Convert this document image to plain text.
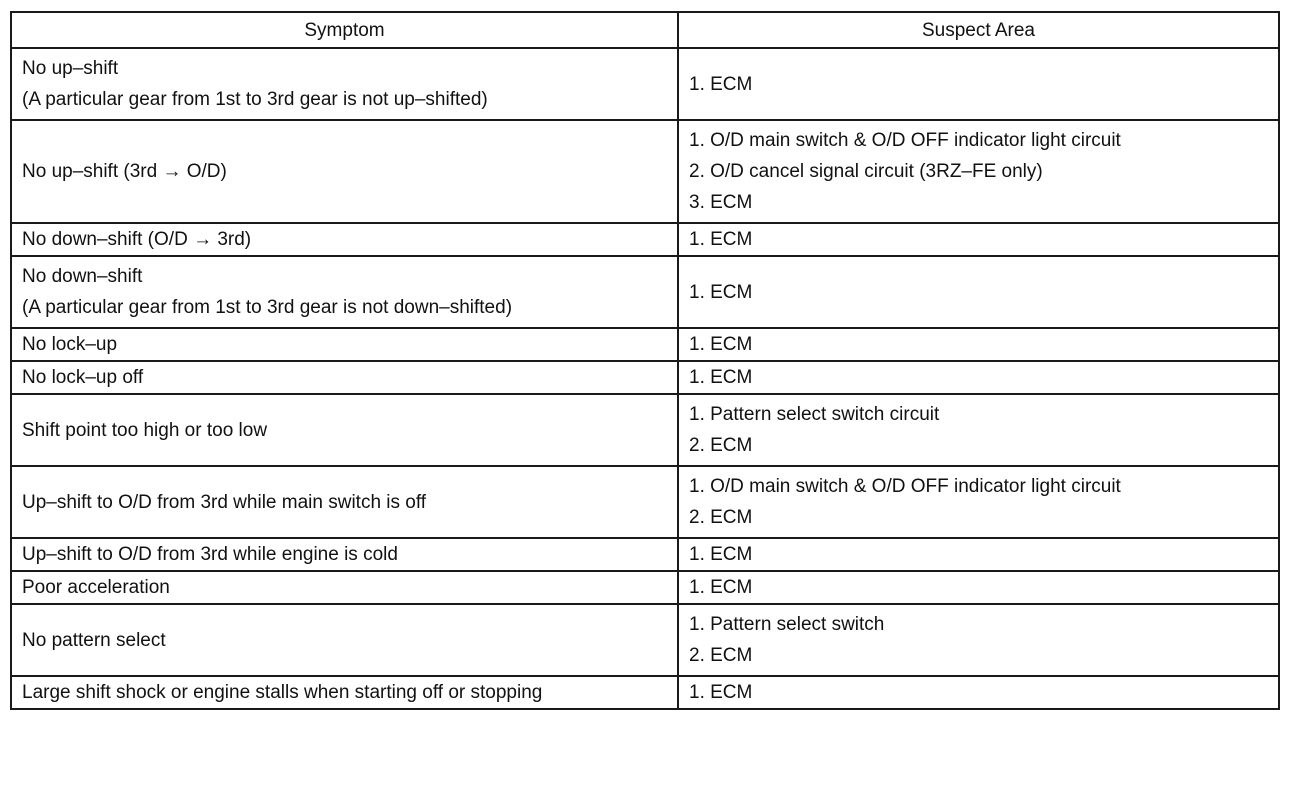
Symptom	Suspect Area

No up–shift
(A particular gear from 1st to 3rd gear is not up–shifted)	1. ECM

No up–shift (3rd → O/D)	1. O/D main switch & O/D OFF indicator light circuit
2. O/D cancel signal circuit (3RZ–FE only)
3. ECM

No down–shift (O/D → 3rd)	1. ECM

No down–shift
(A particular gear from 1st to 3rd gear is not down–shifted)	1. ECM

No lock–up	1. ECM

No lock–up off	1. ECM

Shift point too high or too low	1. Pattern select switch circuit
2. ECM

Up–shift to O/D from 3rd while main switch is off	1. O/D main switch & O/D OFF indicator light circuit
2. ECM

Up–shift to O/D from 3rd while engine is cold	1. ECM

Poor acceleration	1. ECM

No pattern select	1. Pattern select switch
2. ECM

Large shift shock or engine stalls when starting off or stopping	1. ECM
